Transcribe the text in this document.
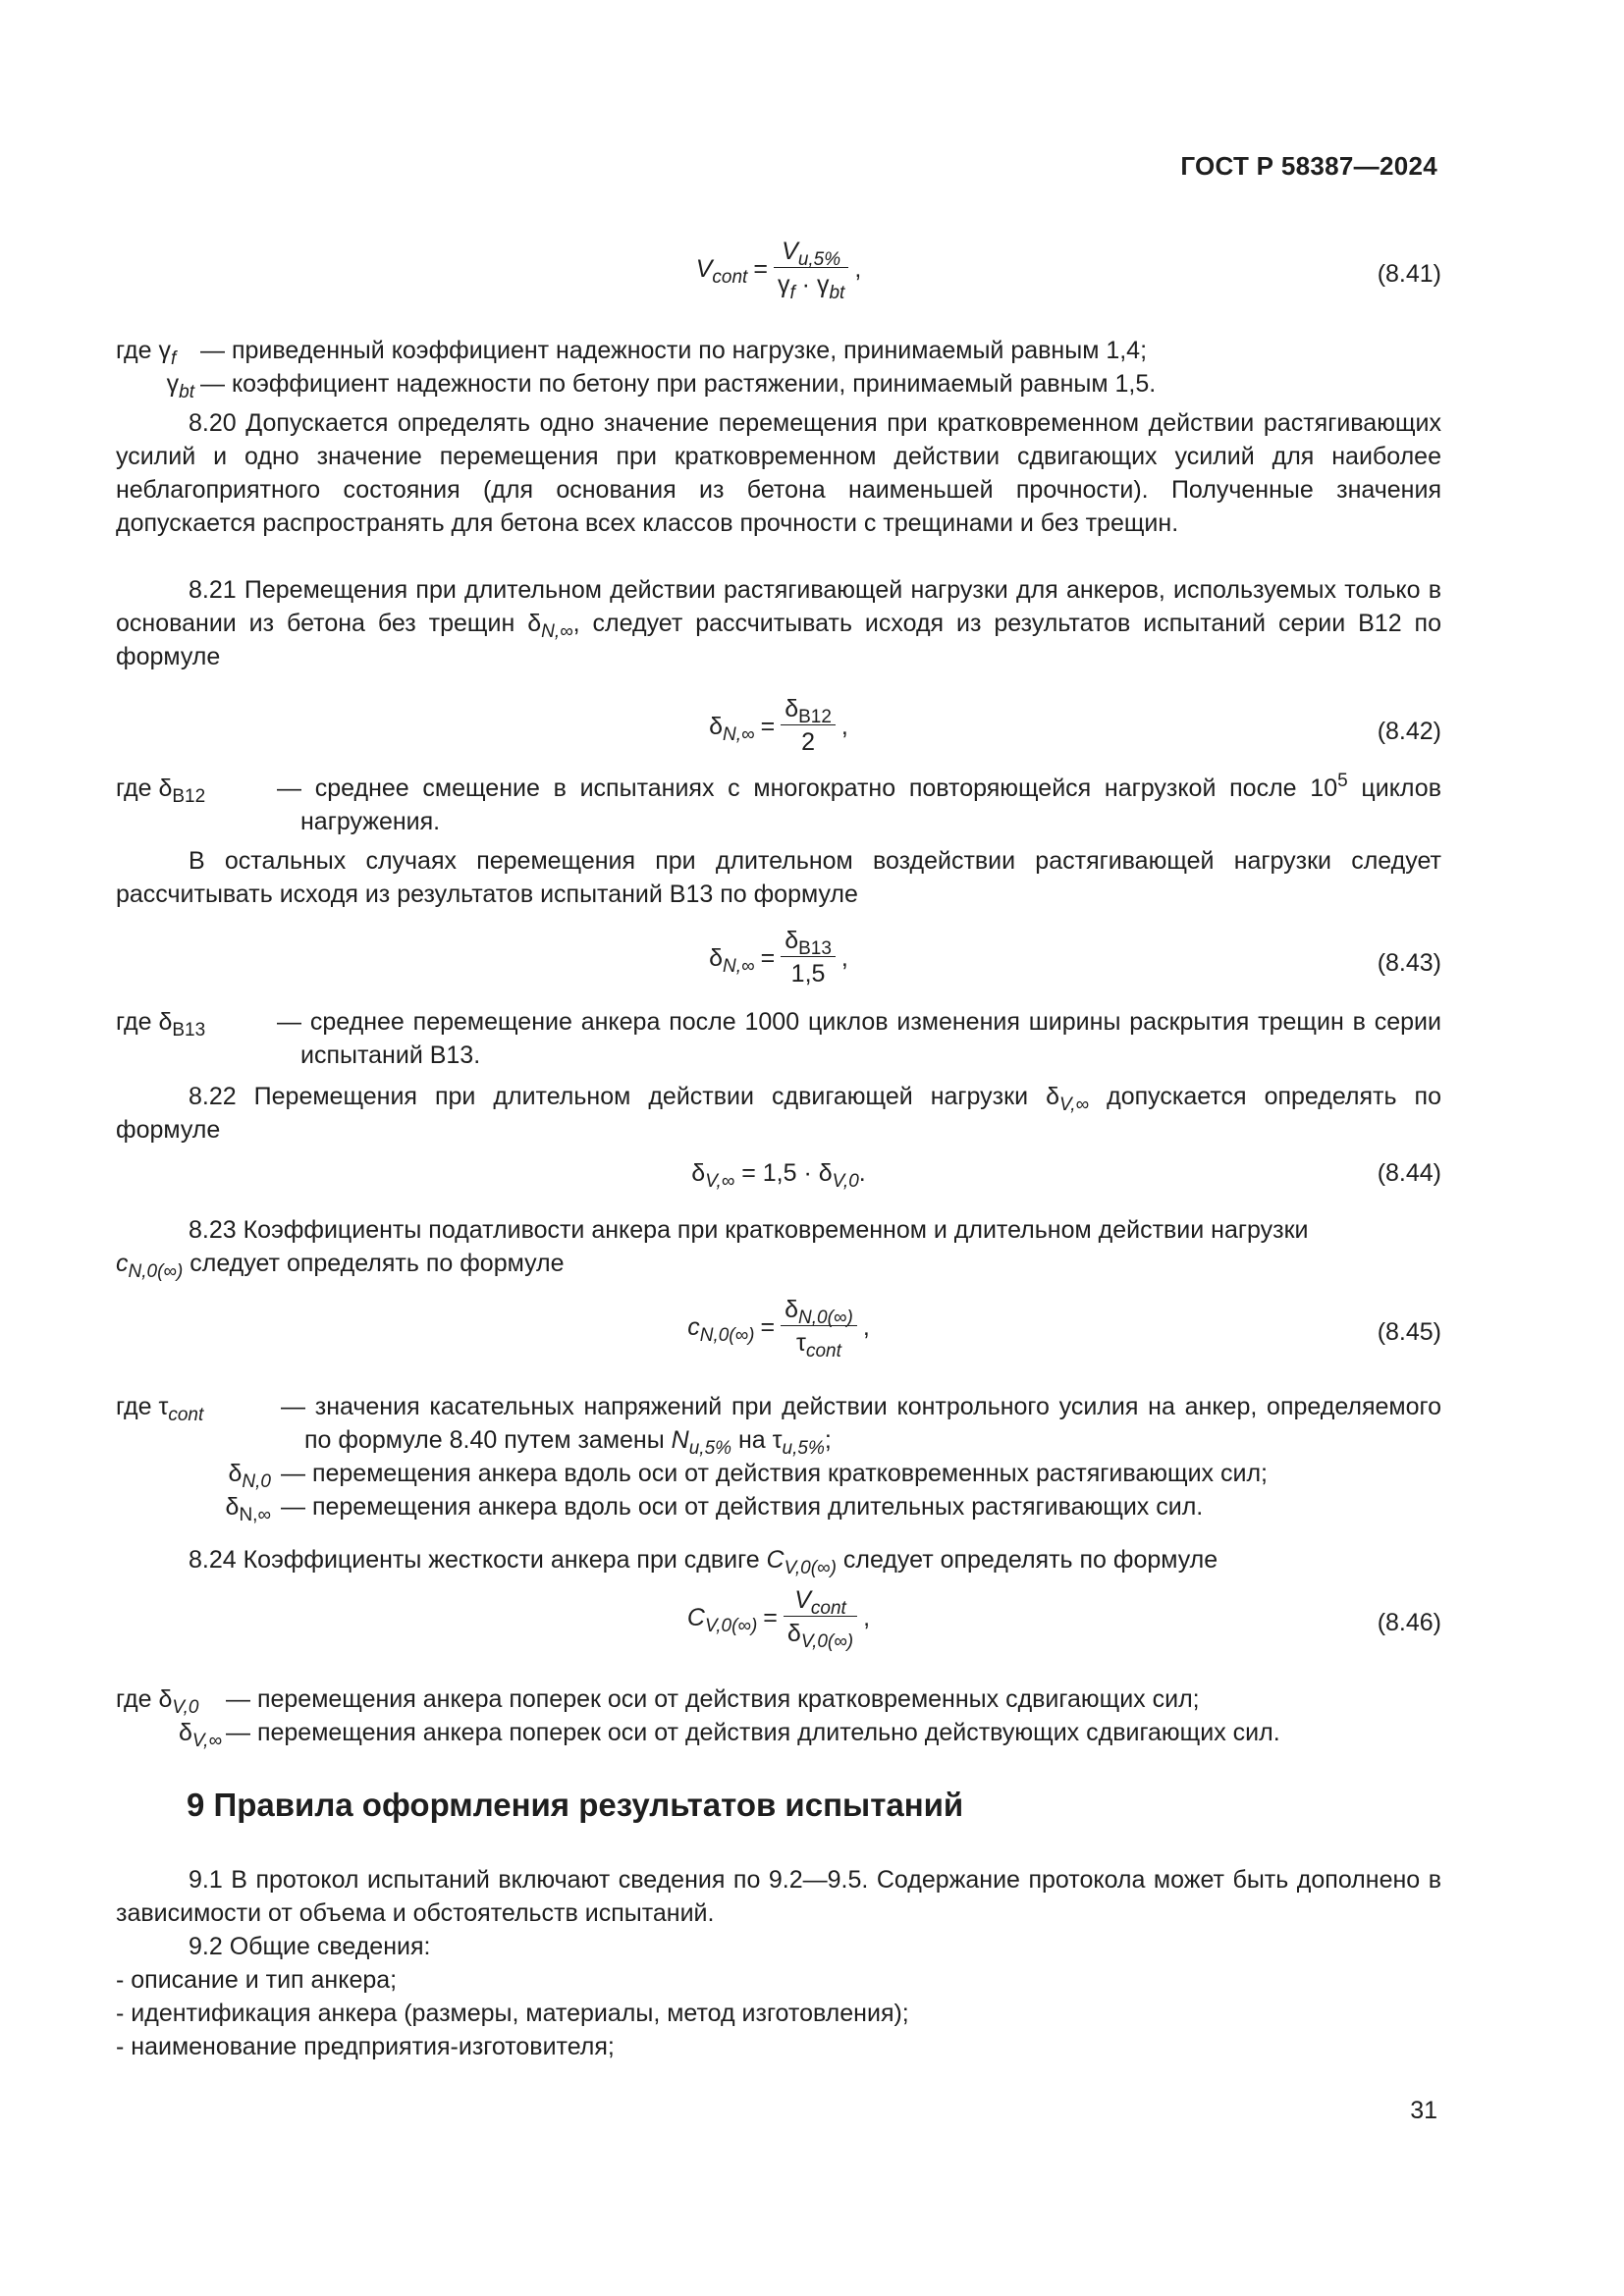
ГОСТ Р 58387—2024
$V_{cont} = \frac{V_{u,5\%}}{\gamma_f \cdot \gamma_{bt}}$ ,	(8.41)
где $\gamma_f$ — приведенный коэффициент надежности по нагрузке, принимаемый равным 1,4;
$\gamma_{bt}$ — коэффициент надежности по бетону при растяжении, принимаемый равным 1,5.
8.20 Допускается определять одно значение перемещения при кратковременном действии растягивающих усилий и одно значение перемещения при кратковременном действии сдвигающих усилий для наиболее неблагоприятного состояния (для основания из бетона наименьшей прочности). Полученные значения допускается распространять для бетона всех классов прочности с трещинами и без трещин.
8.21 Перемещения при длительном действии растягивающей нагрузки для анкеров, используемых только в основании из бетона без трещин $\delta_{N,\infty}$, следует рассчитывать исходя из результатов испытаний серии B12 по формуле
$\delta_{N,\infty} = \frac{\delta_{B12}}{2}$ ,	(8.42)
где $\delta_{B12}$	— среднее смещение в испытаниях с многократно повторяющейся нагрузкой после $10^5$ циклов нагружения.
В остальных случаях перемещения при длительном воздействии растягивающей нагрузки следует рассчитывать исходя из результатов испытаний B13 по формуле
$\delta_{N,\infty} = \frac{\delta_{B13}}{1,5}$ ,	(8.43)
где $\delta_{B13}$	— среднее перемещение анкера после 1000 циклов изменения ширины раскрытия трещин в серии испытаний B13.
8.22 Перемещения при длительном действии сдвигающей нагрузки $\delta_{V,\infty}$ допускается определять по формуле
$\delta_{V,\infty} = 1,5 \cdot \delta_{V,0}$.	(8.44)
8.23 Коэффициенты податливости анкера при кратковременном и длительном действии нагрузки
$c_{N,0(\infty)}$ следует определять по формуле
$c_{N,0(\infty)} = \frac{\delta_{N,0(\infty)}}{\tau_{cont}}$ ,	(8.45)
где $\tau_{cont}$	— значения касательных напряжений при действии контрольного усилия на анкер, определяемого по формуле 8.40 путем замены $N_{u,5\%}$ на $\tau_{u,5\%}$;
$\delta_{N,0}$ — перемещения анкера вдоль оси от действия кратковременных растягивающих сил;
$\delta_{N,\infty}$ — перемещения анкера вдоль оси от действия длительных растягивающих сил.
8.24 Коэффициенты жесткости анкера при сдвиге $C_{V,0(\infty)}$ следует определять по формуле
$C_{V,0(\infty)} = \frac{V_{cont}}{\delta_{V,0(\infty)}}$ ,	(8.46)
где $\delta_{V,0}$	— перемещения анкера поперек оси от действия кратковременных сдвигающих сил;
$\delta_{V,\infty}$ — перемещения анкера поперек оси от действия длительно действующих сдвигающих сил.
9 Правила оформления результатов испытаний
9.1 В протокол испытаний включают сведения по 9.2—9.5. Содержание протокола может быть дополнено в зависимости от объема и обстоятельств испытаний.
9.2 Общие сведения:
- описание и тип анкера;
- идентификация анкера (размеры, материалы, метод изготовления);
- наименование предприятия-изготовителя;
31
